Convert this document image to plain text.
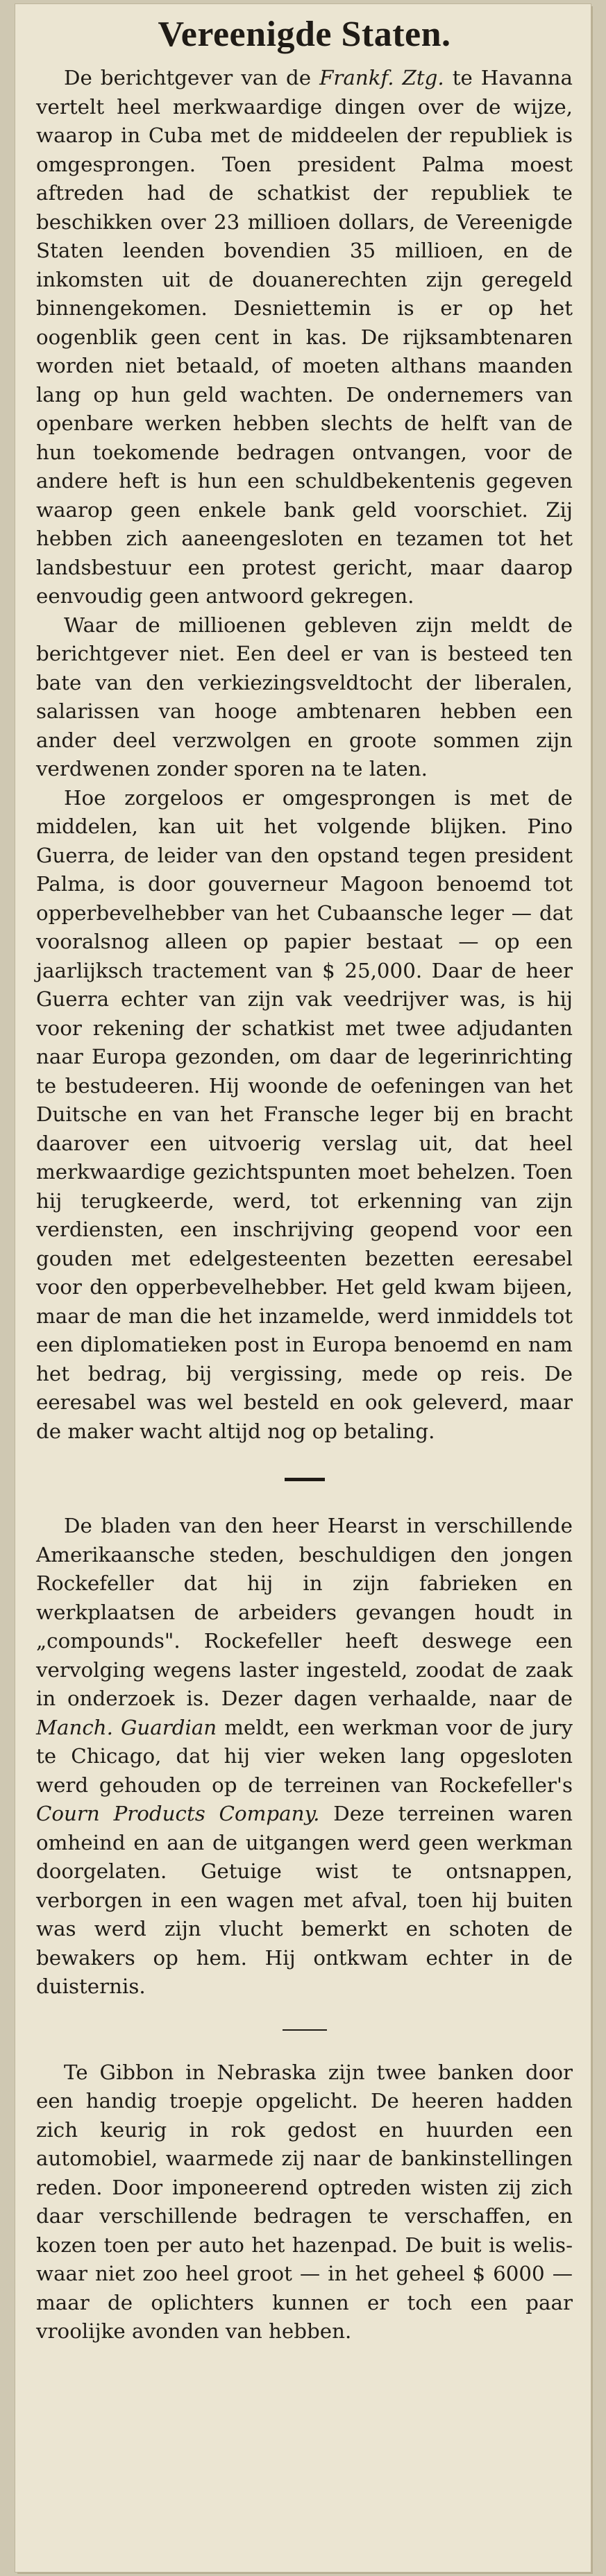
Vereenigde Staten.

De berichtgever van de Frankf. Ztg. te Havanna vertelt heel merkwaardige dingen over de wijze, waarop in Cuba met de middeelen der republiek is omgesprongen. Toen president Palma moest aftreden had de schatkist der republiek te beschikken over 23 millioen dollars, de Vereenigde Staten leenden bovendien 35 millioen, en de inkomsten uit de douanerechten zijn geregeld binnengekomen. Desniettemin is er op het oogenblik geen cent in kas. De rijksambtenaren worden niet betaald, of moeten althans maanden lang op hun geld wachten. De ondernemers van openbare werken hebben slechts de helft van de hun toekomende bedragen ontvangen, voor de andere heft is hun een schuldbekentenis gegeven waarop geen enkele bank geld voorschiet. Zij hebben zich aaneengesloten en tezamen tot het landsbestuur een protest gericht, maar daarop eenvoudig geen antwoord gekregen.

Waar de millioenen gebleven zijn meldt de berichtgever niet. Een deel er van is besteed ten bate van den verkiezingsveldtocht der liberalen, salarissen van hooge ambtenaren hebben een ander deel verzwolgen en groote sommen zijn verdwenen zonder sporen na te laten.

Hoe zorgeloos er omgesprongen is met de middelen, kan uit het volgende blijken. Pino Guerra, de leider van den opstand tegen president Palma, is door gouverneur Magoon benoemd tot opperbevelhebber van het Cubaansche leger — dat vooralsnog alleen op papier bestaat — op een jaarlijksch tractement van $ 25,000. Daar de heer Guerra echter van zijn vak veedrijver was, is hij voor rekening der schatkist met twee adjudanten naar Europa gezonden, om daar de legerinrichting te bestudeeren. Hij woonde de oefeningen van het Duitsche en van het Fransche leger bij en bracht daarover een uitvoerig verslag uit, dat heel merkwaardige gezichtspunten moet behelzen. Toen hij terugkeerde, werd, tot erkenning van zijn verdiensten, een inschrijving geopend voor een gouden met edelgesteenten bezetten eeresabel voor den opperbevelhebber. Het geld kwam bijeen, maar de man die het inzamelde, werd inmiddels tot een diplomatieken post in Europa benoemd en nam het bedrag, bij vergissing, mede op reis. De eeresabel was wel besteld en ook geleverd, maar de maker wacht altijd nog op betaling.

De bladen van den heer Hearst in verschillende Amerikaansche steden, beschuldigen den jongen Rockefeller dat hij in zijn fabrieken en werkplaatsen de arbeiders gevangen houdt in „compounds". Rockefeller heeft deswege een vervolging wegens laster ingesteld, zoodat de zaak in onderzoek is. Dezer dagen verhaalde, naar de Manch. Guardian meldt, een werkman voor de jury te Chicago, dat hij vier weken lang opgesloten werd gehouden op de terreinen van Rockefeller's Courn Products Company. Deze terreinen waren omheind en aan de uitgangen werd geen werkman doorgelaten. Getuige wist te ontsnappen, verborgen in een wagen met afval, toen hij buiten was werd zijn vlucht bemerkt en schoten de bewakers op hem. Hij ontkwam echter in de duisternis.

Te Gibbon in Nebraska zijn twee banken door een handig troepje opgelicht. De heeren hadden zich keurig in rok gedost en huurden een automobiel, waarmede zij naar de bankinstellingen reden. Door imponeerend optreden wisten zij zich daar verschillende bedragen te verschaffen, en kozen toen per auto het hazenpad. De buit is welis-waar niet zoo heel groot — in het geheel $ 6000 — maar de oplichters kunnen er toch een paar vroolijke avonden van hebben.
